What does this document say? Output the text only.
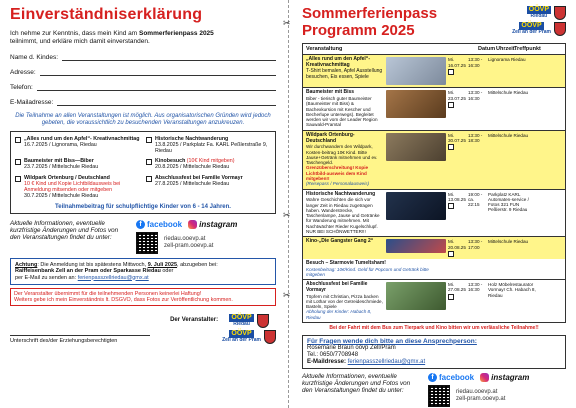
✂
✂
✂
Einverständniserklärung

Ich nehme zur Kenntnis, dass mein Kind am Sommerferienpass 2025
teilnimmt, und erkläre mich damit einverstanden.

Name d. Kindes:
Adresse:
Telefon:
E-Mailadresse:

Die Teilnahme an allen Veranstaltungen ist möglich. Aus organisatorischen Gründen wird jedoch gebeten, die voraussichtlich zu besuchenden Veranstaltungen anzukreuzen.

„Alles rund um den Apfel“- Kreativnachmittag
16.7.2025 / Lignorama, Riedau
Historische Nachtwanderung
13.8.2025 / Parkplatz Fa. KARL Peßlerstraße 9, Riedau
Baumeister mit Biss—Biber
23.7.2025 / Mittelschule Riedau
Kinobesuch (10€ Kind mitgeben)
20.8.2025 / Mittelschule Riedau
Wildpark Ortenburg / Deutschland
10 € Kind und Kopie Lichtbildausweis bei Anmeldung mitsenden oder mitgeben
30.7.2025 / Mittelschule Riedau
Abschlussfest bei Familie Vormayr
27.8.2025 / Mittelschule Riedau
Teilnahmebeitrag für schulpflichtige Kinder von 6 - 14 Jahren.

Aktuelle Informationen, eventuelle kurzfristige Änderungen und Fotos von den Veranstaltungen findet du unter:

f facebook instagram
riedau.ooevp.at
zell-pram.ooevp.at
Achtung: Die Anmeldung ist bis spätestens Mittwoch, 9. Juli 2025, abzugeben bei:
Raiffeisenbank Zell an der Pram oder Sparkasse Riedau oder
per E-Mail zu senden an: ferienpasszellriedau@gmx.at
Der Veranstalter übernimmt für die teilnehmenden Personen keinerlei Haftung!
Weiters gebe ich mein Einverständnis lt. DSGVO, dass Fotos zur Veröffentlichung kommen.
Unterschrift des/der Erziehungsberechtigten
Der Veranstalter: OÖVP
Riedau
OÖVP
Zell an der Pram
Sommerferienpass
Programm 2025
OÖVP
Riedau
OÖVP
Zell an der Pram
Veranstaltung	Datum Uhrzeit Treffpunkt
„Alles rund um den Apfel“- Kreativnachmittag
T-Shirt bemalen, Apfel Ausstellung besuchen, Eis essen, Spiele
Mi. 16.07.25
13:30 - 16:30
Lignorama Riedau
Baumeister mit Biss
Biber - tierisch guter Baumeister (Baumeister mit Biss) & Bachexkursion mit Kescher und Becherlupe unterwegs). Begleitet werden wir vom der Leader Region Sauwald-Pramtal
Mi. 23.07.25
13:30 - 16:30
Mittelschule Riedau
Wildpark Ortenburg-Deutschland
Wir durchwandern den Wildpark, Kosten-beitrag 10€ Kind. Bitte Jause+Getränk mitnehmen und ev. Taschengeld.
Grenzüberschreitung! Kopie Lichtbild-ausweis dem Kind mitgeben!!
(Reisepass / Personalausweis)
Mi. 30.07.25
13:30 - 18:30
Mittelschule Riedau
Historische Nachtwanderung
Wahre Geschichten die sich vor langer Zeit in Riedau zugetragen haben. Wanderstrecke, Taschenlampe, Jause und Getränke für Wanderung mitnehmen. Mit Nachtwächter Rieder Kugelschlupf. NUR BEI SCHÖNWETTER!!!
Mi. 13.08.25
19:00 - ca. 22:15
Parkplatz KARL Automaten-service / Fotos 321 FUN Peßlerstr. 9 Riedau
Kino-„Die Gangster Gang 2“	Mi. 20.08.25
13:30 - 17:00
Mittelschule Riedau
Besuch – Starmovie Tumeltsham!
Kostenbeitrag: 10€/Kind. Geld für Popcorn und Getränk bitte mitgeben
Abschlussfest bei Familie Vormayr
Töpfern mit Christian, Pizza backen mit Lothar von der Getreideschmiede, Basteln, Spiele
Abholung der Kinder: Habach 8, Riedau
Mi. 27.08.25
13:30 - 16:30
Holz Möbelrestaurator Vormayr Ch. Habach 8, Riedau

Bei der Fahrt mit dem Bus zum Tierpark und Kino bitten wir um verlässliche Teilnahme!!

Für Fragen wende dich bitte an diese Ansprechperson:
Rosemarie Braun oövp Zell/Pram
Tel.: 0650/7708948
E-Maildresse: ferienpasszellriedau@gmx.at

Aktuelle Informationen, eventuelle kurzfristige Änderungen und Fotos von den Veranstaltungen findet du unter:

f facebook instagram
riedau.ooevp.at
zell-pram.ooevp.at
